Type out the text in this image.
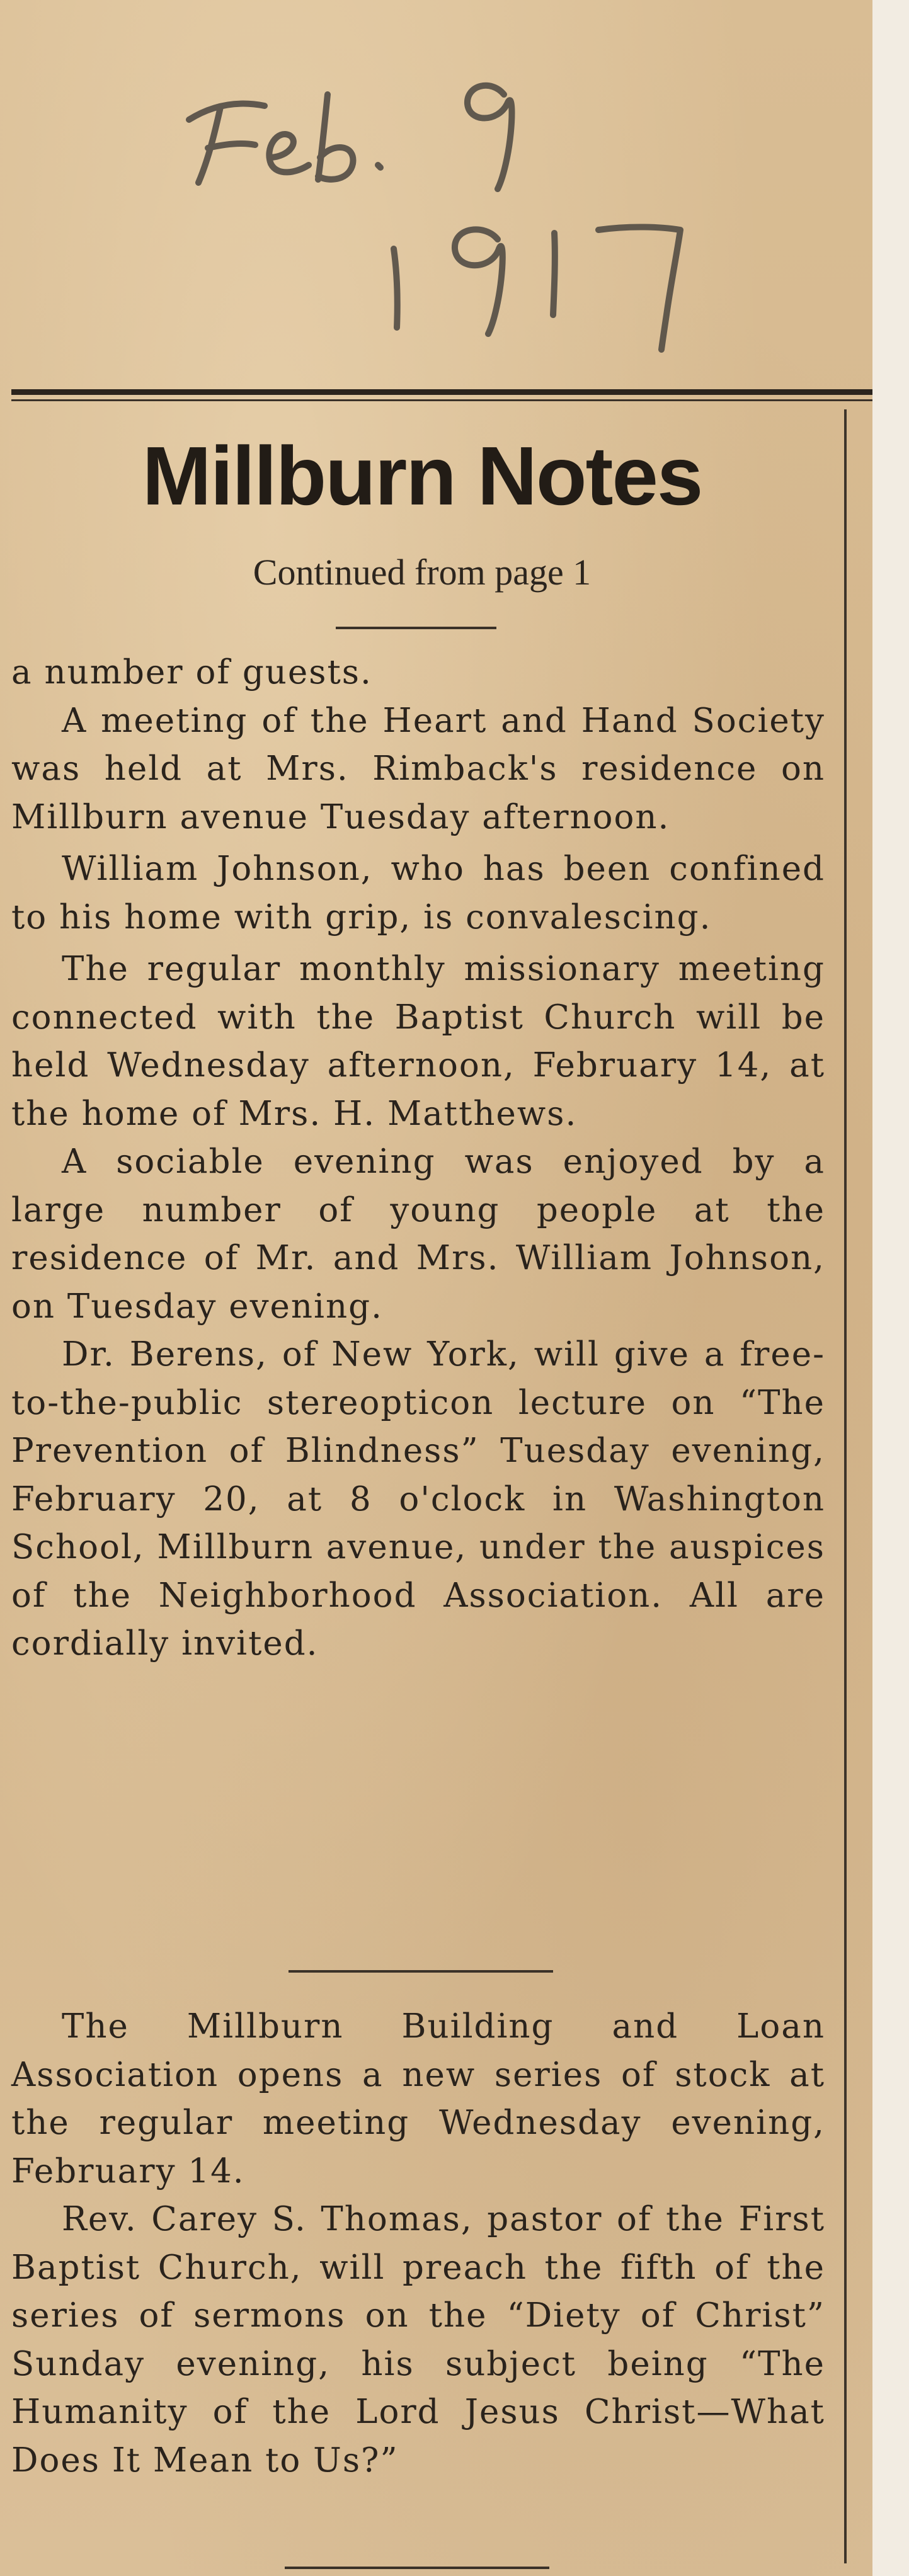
Millburn Notes
Continued from page 1

a number of guests.

A meeting of the Heart and Hand Society was held at Mrs. Rimback's residence on Millburn avenue Tuesday afternoon.

William Johnson, who has been confined to his home with grip, is convalescing.

The regular monthly missionary meeting connected with the Baptist Church will be held Wednesday afternoon, February 14, at the home of Mrs. H. Matthews.

A sociable evening was enjoyed by a large number of young people at the residence of Mr. and Mrs. William Johnson, on Tuesday evening.

Dr. Berens, of New York, will give a free-to-the-public stereopticon lecture on “The Prevention of Blindness” Tuesday evening, February 20, at 8 o'clock in Washington School, Millburn avenue, under the auspices of the Neighborhood Association. All are cordially invited.

The Millburn Building and Loan Association opens a new series of stock at the regular meeting Wednesday evening, February 14.

Rev. Carey S. Thomas, pastor of the First Baptist Church, will preach the fifth of the series of sermons on the “Diety of Christ” Sunday evening, his subject being “The Humanity of the Lord Jesus Christ—What Does It Mean to Us?”
